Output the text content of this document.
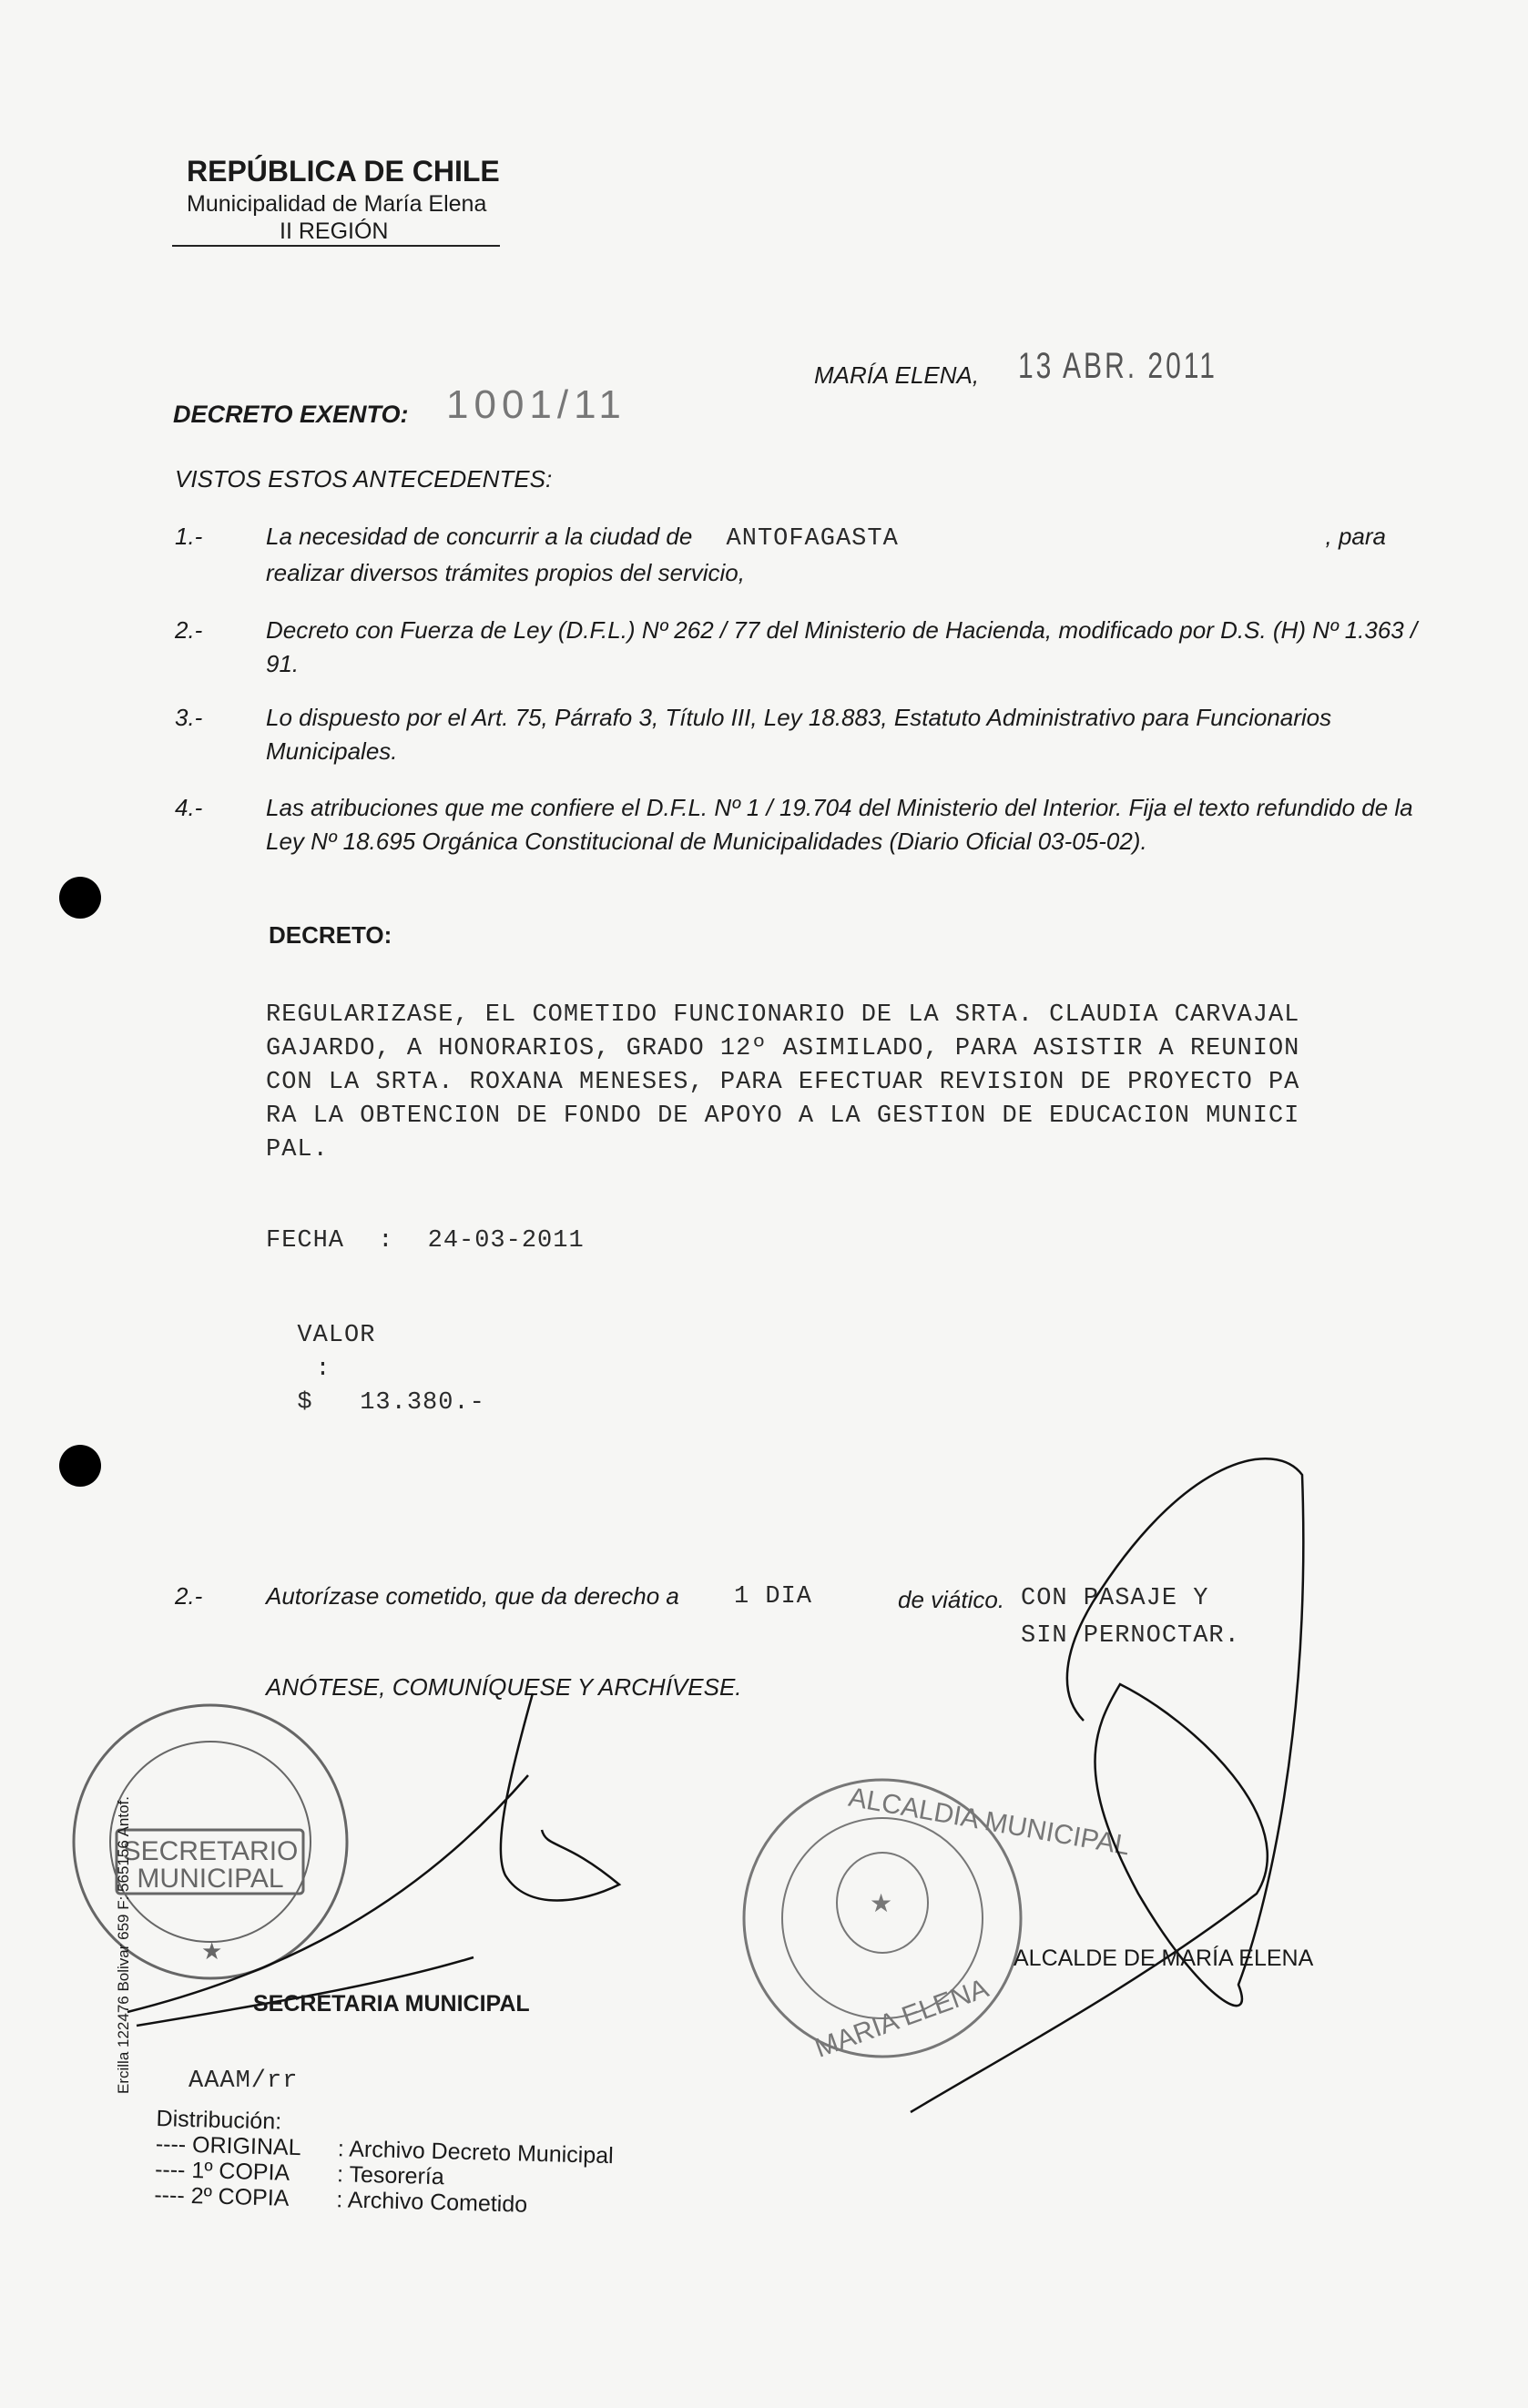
REPÚBLICA DE CHILE
Municipalidad de María Elena
II REGIÓN
MARÍA ELENA, 13 ABR. 2011
DECRETO EXENTO: 1001/11
VISTOS ESTOS ANTECEDENTES:
1.-	La necesidad de concurrir a la ciudad de ANTOFAGASTA	, para

realizar diversos trámites propios del servicio,
2.-	Decreto con Fuerza de Ley (D.F.L.) Nº 262 / 77 del Ministerio de Hacienda, modificado por D.S. (H) Nº 1.363 / 91.
3.-	Lo dispuesto por el Art. 75, Párrafo 3, Título III, Ley 18.883, Estatuto Administrativo para Funcionarios Municipales.
4.-	Las atribuciones que me confiere el D.F.L. Nº 1 / 19.704 del Ministerio del Interior. Fija el texto refundido de la Ley Nº 18.695 Orgánica Constitucional de Municipalidades (Diario Oficial 03-05-02).
DECRETO:
REGULARIZASE, EL COMETIDO FUNCIONARIO DE LA SRTA. CLAUDIA CARVAJAL
GAJARDO, A HONORARIOS, GRADO 12º ASIMILADO, PARA ASISTIR A REUNION
CON LA SRTA. ROXANA MENESES, PARA EFECTUAR REVISION DE PROYECTO PA
RA LA OBTENCION DE FONDO DE APOYO A LA GESTION DE EDUCACION MUNICI
PAL.
FECHA : 24-03-2011

VALOR
:
$   13.380.-

2.-	Autorízase cometido, que da derecho a 1 DIA	de viático. CON PASAJE Y
SIN PERNOCTAR.
ANÓTESE, COMUNÍQUESE Y ARCHÍVESE.
SECRETARIO
MUNICIPAL
★
★
ALCALDIA MUNICIPAL
MARIA ELENA
SECRETARIA MUNICIPAL
ALCALDE DE MARÍA ELENA
AAAM/rr
Distribución:
---- ORIGINAL : Archivo Decreto Municipal
---- 1º COPIA : Tesorería
---- 2º COPIA : Archivo Cometido
Ercilla 122476 Bolivar 659 F: 565156 Antof.
